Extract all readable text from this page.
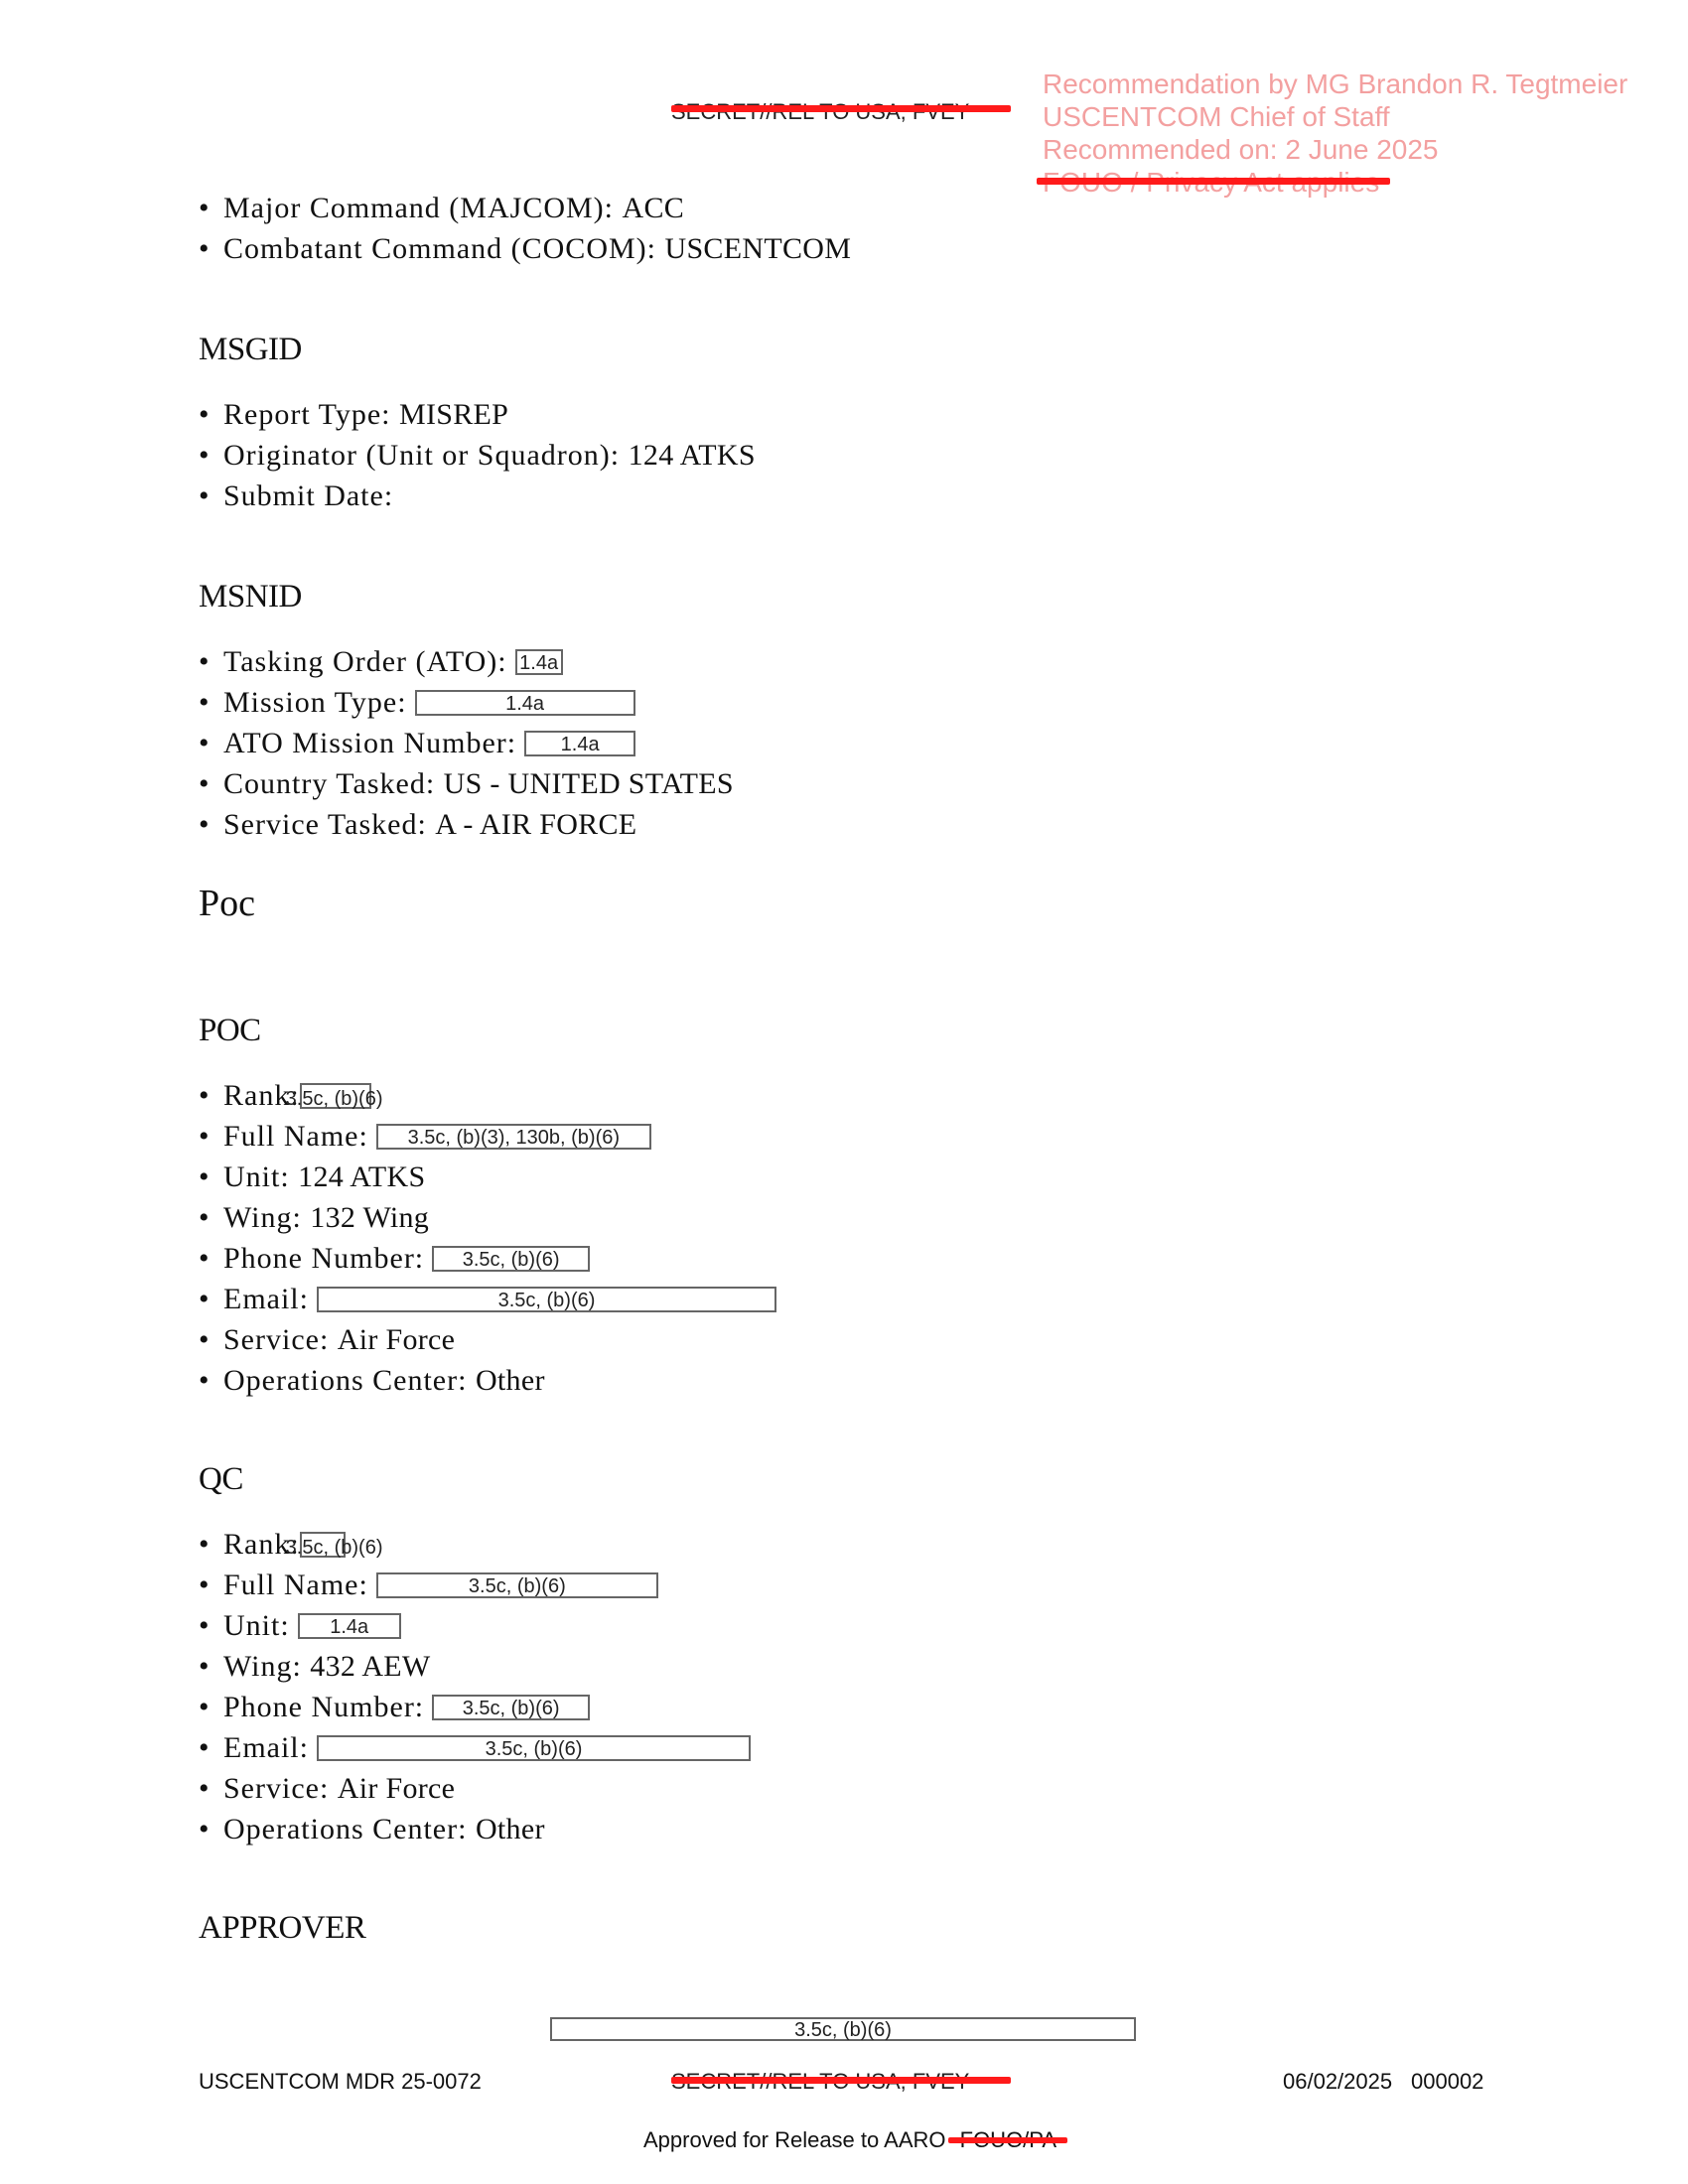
Recommendation by MG Brandon R. Tegtmeier
USCENTCOM Chief of Staff
Recommended on: 2 June 2025
• Major Command (MAJCOM): ACC
• Combatant Command (COCOM): USCENTCOM
MSGID
• Report Type: MISREP
• Originator (Unit or Squadron): 124 ATKS
• Submit Date:
MSNID
• Tasking Order (ATO): 1.4a
• Mission Type:	1.4a
• ATO Mission Number: 1.4a
• Country Tasked: US - UNITED STATES
• Service Tasked: A - AIR FORCE
Poc
POC
• Rank:
3.5c, (b)(6)
• Full Name: 3.5c, (b)(3), 130b, (b)(6)
• Unit: 124 ATKS
• Wing: 132 Wing
• Phone Number: 3.5c, (b)(6)
• Email:	3.5c, (b)(6)
• Service: Air Force
• Operations Center: Other
QC
• Rank:
3.5c, (b)(6)
• Full Name:	3.5c, (b)(6)
• Unit: 1.4a
• Wing: 432 AEW
• Phone Number: 3.5c, (b)(6)
• Email:	3.5c, (b)(6)
• Service: Air Force
• Operations Center: Other
APPROVER
3.5c, (b)(6)
USCENTCOM MDR 25-0072	06/02/2025 000002
Approved for Release to AARO
